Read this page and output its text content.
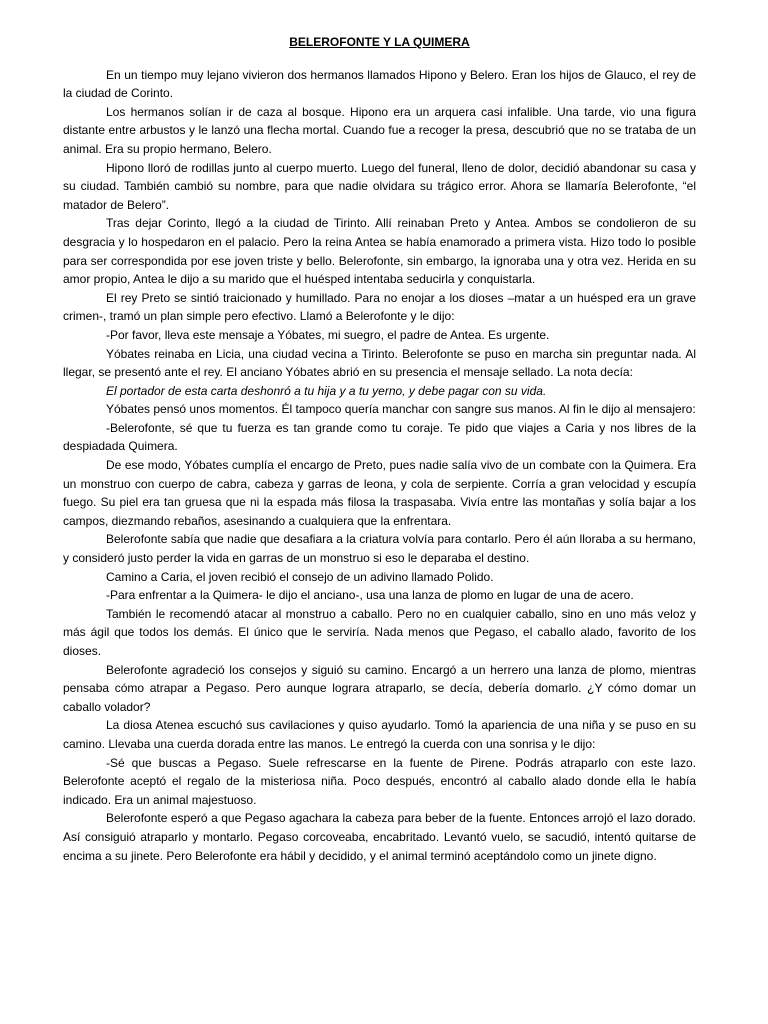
BELEROFONTE Y LA QUIMERA

En un tiempo muy lejano vivieron dos hermanos llamados Hipono y Belero. Eran los hijos de Glauco, el rey de la ciudad de Corinto.

Los hermanos solían ir de caza al bosque. Hipono era un arquera casi infalible. Una tarde, vio una figura distante entre arbustos y le lanzó una flecha mortal. Cuando fue a recoger la presa, descubrió que no se trataba de un animal. Era su propio hermano, Belero.

Hipono lloró de rodillas junto al cuerpo muerto. Luego del funeral, lleno de dolor, decidió abandonar su casa y su ciudad. También cambió su nombre, para que nadie olvidara su trágico error. Ahora se llamaría Belerofonte, “el matador de Belero”.

Tras dejar Corinto, llegó a la ciudad de Tirinto. Allí reinaban Preto y Antea. Ambos se condolieron de su desgracia y lo hospedaron en el palacio. Pero la reina Antea se había enamorado a primera vista. Hizo todo lo posible para ser correspondida por ese joven triste y bello. Belerofonte, sin embargo, la ignoraba una y otra vez. Herida en su amor propio, Antea le dijo a su marido que el huésped intentaba seducirla y conquistarla.

El rey Preto se sintió traicionado y humillado. Para no enojar a los dioses –matar a un huésped era un grave crimen-, tramó un plan simple pero efectivo. Llamó a Belerofonte y le dijo:

-Por favor, lleva este mensaje a Yóbates, mi suegro, el padre de Antea. Es urgente.

Yóbates reinaba en Licia, una ciudad vecina a Tirinto. Belerofonte se puso en marcha sin preguntar nada. Al llegar, se presentó ante el rey. El anciano Yóbates abrió en su presencia el mensaje sellado. La nota decía:

El portador de esta carta deshonró a tu hija y a tu yerno, y debe pagar con su vida.

Yóbates pensó unos momentos. Él tampoco quería manchar con sangre sus manos. Al fin le dijo al mensajero:

-Belerofonte, sé que tu fuerza es tan grande como tu coraje. Te pido que viajes a Caria y nos libres de la despiadada Quimera.

De ese modo, Yóbates cumplía el encargo de Preto, pues nadie salía vivo de un combate con la Quimera. Era un monstruo con cuerpo de cabra, cabeza y garras de leona, y cola de serpiente. Corría a gran velocidad y escupía fuego. Su piel era tan gruesa que ni la espada más filosa la traspasaba. Vivía entre las montañas y solía bajar a los campos, diezmando rebaños, asesinando a cualquiera que la enfrentara.

Belerofonte sabía que nadie que desafiara a la criatura volvía para contarlo. Pero él aún lloraba a su hermano, y consideró justo perder la vida en garras de un monstruo si eso le deparaba el destino.

Camino a Caria, el joven recibió el consejo de un adivino llamado Polido.

-Para enfrentar a la Quimera- le dijo el anciano-, usa una lanza de plomo en lugar de una de acero.

También le recomendó atacar al monstruo a caballo. Pero no en cualquier caballo, sino en uno más veloz y más ágil que todos los demás. El único que le serviría. Nada menos que Pegaso, el caballo alado, favorito de los dioses.

Belerofonte agradeció los consejos y siguió su camino. Encargó a un herrero una lanza de plomo, mientras pensaba cómo atrapar a Pegaso. Pero aunque lograra atraparlo, se decía, debería domarlo. ¿Y cómo domar un caballo volador?

La diosa Atenea escuchó sus cavilaciones y quiso ayudarlo. Tomó la apariencia de una niña y se puso en su camino. Llevaba una cuerda dorada entre las manos. Le entregó la cuerda con una sonrisa y le dijo:

-Sé que buscas a Pegaso. Suele refrescarse en la fuente de Pirene. Podrás atraparlo con este lazo. Belerofonte aceptó el regalo de la misteriosa niña. Poco después, encontró al caballo alado donde ella le había indicado. Era un animal majestuoso.

Belerofonte esperó a que Pegaso agachara la cabeza para beber de la fuente. Entonces arrojó el lazo dorado. Así consiguió atraparlo y montarlo. Pegaso corcoveaba, encabritado. Levantó vuelo, se sacudió, intentó quitarse de encima a su jinete. Pero Belerofonte era hábil y decidido, y el animal terminó aceptándolo como un jinete digno.
